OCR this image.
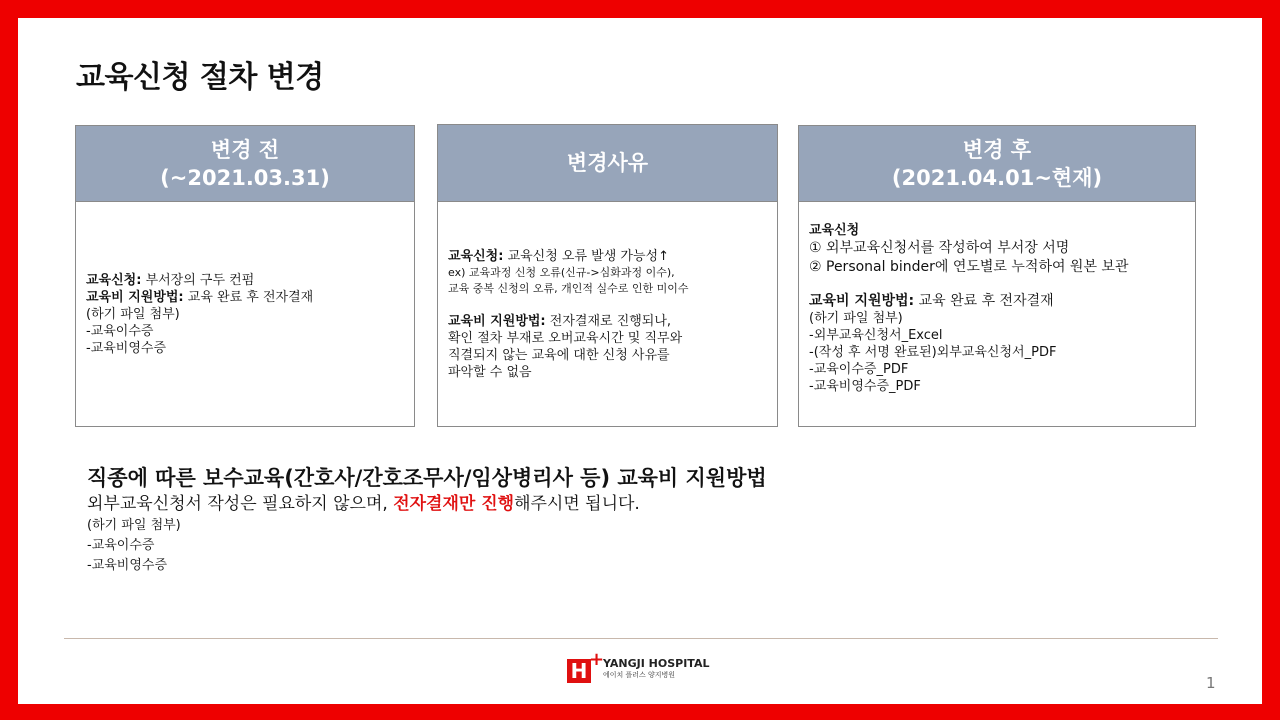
교육신청 절차 변경
변경 전
(~2021.03.31)
교육신청: 부서장의 구두 컨펌
교육비 지원방법: 교육 완료 후 전자결재
(하기 파일 첨부)
-교육이수증
-교육비영수증
변경사유
교육신청: 교육신청 오류 발생 가능성↑
ex) 교육과정 신청 오류(신규->심화과정 이수),
교육 중복 신청의 오류, 개인적 실수로 인한 미이수
교육비 지원방법: 전자결재로 진행되나,
확인 절차 부재로 오버교육시간 및 직무와
직결되지 않는 교육에 대한 신청 사유를
파악할 수 없음
변경 후
(2021.04.01~현재)
교육신청
① 외부교육신청서를 작성하여 부서장 서명
② Personal binder에 연도별로 누적하여 원본 보관
교육비 지원방법: 교육 완료 후 전자결재
(하기 파일 첨부)
-외부교육신청서_Excel
-(작성 후 서명 완료된)외부교육신청서_PDF
-교육이수증_PDF
-교육비영수증_PDF
직종에 따른 보수교육(간호사/간호조무사/임상병리사 등) 교육비 지원방법
외부교육신청서 작성은 필요하지 않으며, 전자결재만 진행해주시면 됩니다.
(하기 파일 첨부)
-교육이수증
-교육비영수증
H +
YANGJI HOSPITAL
에이치 플러스 양지병원	1
